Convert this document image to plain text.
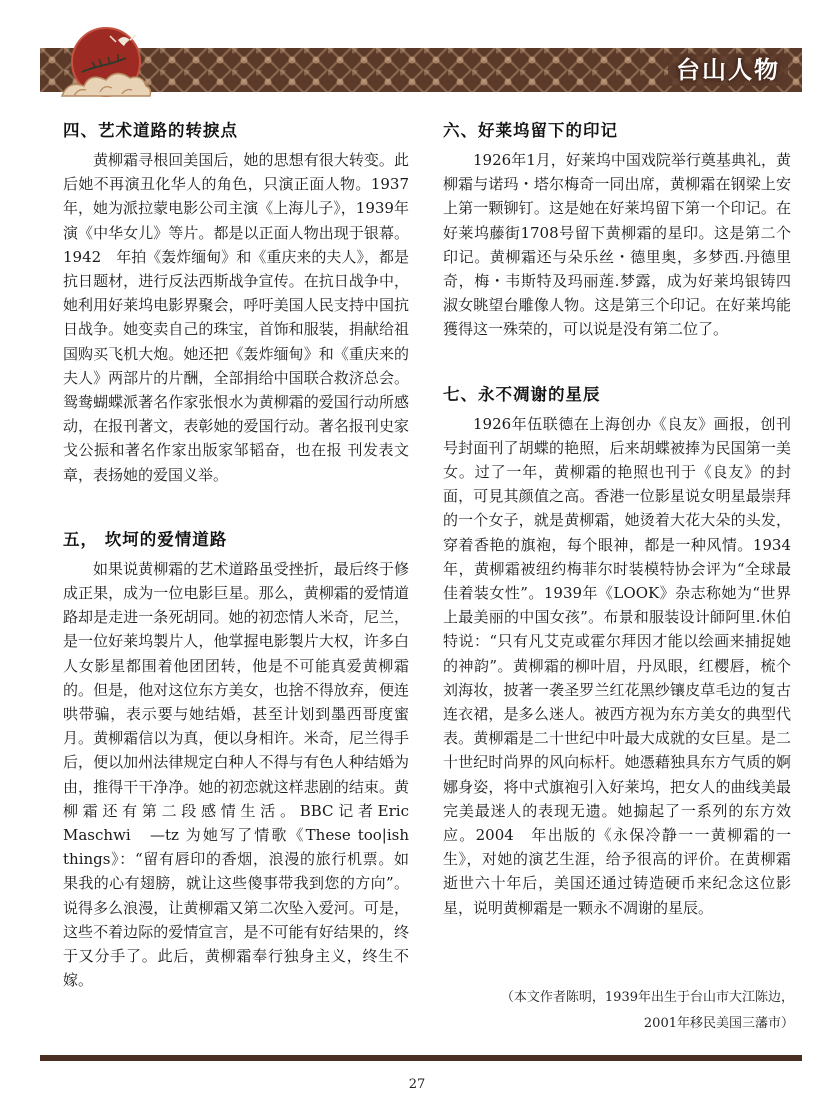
台山人物
四、艺术道路的转捩点

黄柳霜寻根回美国后，她的思想有很大转变。此后她不再演丑化华人的角色，只演正面人物。1937年，她为派拉蒙电影公司主演《上海儿子》，1939年演《中华女儿》等片。都是以正面人物出现于银幕。1942　年拍《轰炸缅甸》和《重庆来的夫人》，都是抗日题材，进行反法西斯战争宣传。在抗日战争中，她利用好莱坞电影界聚会，呼吁美国人民支持中国抗日战争。她变卖自己的珠宝，首饰和服装，捐献给祖国购买飞机大炮。她还把《轰炸缅甸》和《重庆来的夫人》两部片的片酬，全部捐给中国联合救济总会。鸳鸯蝴蝶派著名作家张恨水为黄柳霜的爱国行动所感动，在报刊著文，表彰她的爱国行动。著名报刊史家戈公振和著名作家出版家邹韬奋，也在报 刊发表文章，表扬她的爱国义举。

五， 坎坷的爱情道路

如果说黄柳霜的艺术道路虽受挫折，最后终于修成正果，成为一位电影巨星。那么，黄柳霜的爱情道路却是走进一条死胡同。她的初恋情人米奇，尼兰，是一位好莱坞製片人，他掌握电影製片大权，许多白人女影星都围着他团团转，他是不可能真爱黄柳霜的。但是，他对这位东方美女，也捨不得放弃，便连哄带骗，表示要与她结婚，甚至计划到墨西哥度蜜月。黄柳霜信以为真，便以身相许。米奇，尼兰得手后，便以加州法律规定白种人不得与有色人种结婚为由，推得干干净净。她的初恋就这样悲剧的结束。黄柳霜还有第二段感情生活。BBC记者Eric Maschwi　—tz 为她写了情歌《These too|ish things》：“留有唇印的香烟，浪漫的旅行机票。如果我的心有翅膀，就让这些傻事带我到您的方向”。说得多么浪漫，让黄柳霜又第二次坠入爱河。可是，这些不着边际的爱情宣言，是不可能有好结果的，终于又分手了。此后，黄柳霜奉行独身主义，终生不嫁。

六、好莱坞留下的印记

1926年1月，好莱坞中国戏院举行奠基典礼，黄柳霜与诺玛・塔尔梅奇一同出席，黄柳霜在钢梁上安上第一颗铆钉。这是她在好莱坞留下第一个印记。在好莱坞藤街1708号留下黄柳霜的星印。这是第二个印记。黄柳霜还与朵乐丝・德里奥，多梦西.丹德里奇，梅・韦斯特及玛丽莲.梦露，成为好莱坞银铸四淑女眺望台雕像人物。这是第三个印记。在好莱坞能獲得这一殊荣的，可以说是没有第二位了。

七、永不凋谢的星辰

1926年伍联德在上海创办《良友》画报，创刊号封面刊了胡蝶的艳照，后来胡蝶被捧为民国第一美女。过了一年，黄柳霜的艳照也刊于《良友》的封面，可見其颜值之高。香港一位影星说女明星最崇拜的一个女子，就是黄柳霜，她烫着大花大朵的头发，穿着香艳的旗袍，每个眼神，都是一种风情。1934年，黄柳霜被纽约梅菲尔时装模特协会评为“全球最佳着装女性”。1939年《LOOK》杂志称她为“世界上最美丽的中国女孩”。布景和服装设计師阿里.休伯特说：“只有凡艾克或霍尔拜因才能以绘画来捕捉她的神韵”。黄柳霜的柳叶眉，丹凤眼，红樱唇，梳个刘海妆，披著一袭圣罗兰红花黑纱镶皮草毛边的复古连衣裙，是多么迷人。被西方视为东方美女的典型代表。黄柳霜是二十世纪中叶最大成就的女巨星。是二十世纪时尚界的风向标杆。她憑藉独具东方气质的婀娜身姿，将中式旗袍引入好莱坞，把女人的曲线美最完美最迷人的表现无遗。她搧起了一系列的东方效应。2004　年出版的《永保冷静一一黄柳霜的一生》，对她的演艺生涯，给予很高的评价。在黄柳霜逝世六十年后，美国还通过铸造硬币来纪念这位影星，说明黄柳霜是一颗永不凋谢的星辰。

（本文作者陈明，1939年出生于台山市大江陈边，
2001年移民美国三藩市）
27
